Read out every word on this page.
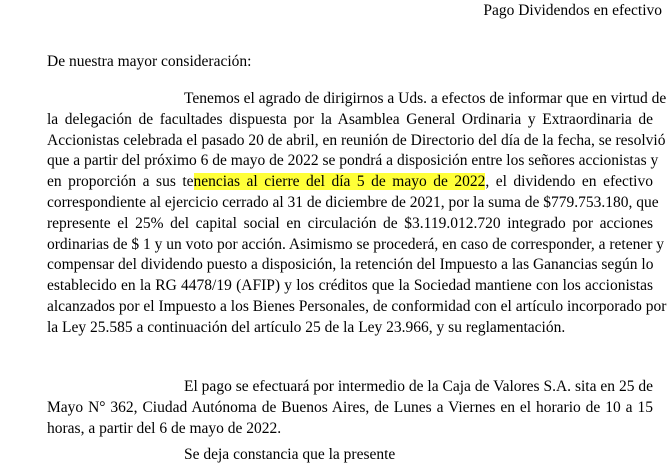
Pago Dividendos en efectivo
De nuestra mayor consideración:
Tenemos el agrado de dirigirnos a Uds. a efectos de informar que en virtud de
la delegación de facultades dispuesta por la Asamblea General Ordinaria y Extraordinaria de
Accionistas celebrada el pasado 20 de abril, en reunión de Directorio del día de la fecha, se resolvió
que a partir del próximo 6 de mayo de 2022 se pondrá a disposición entre los señores accionistas y
en proporción a sus tenencias al cierre del día 5 de mayo de 2022, el dividendo en efectivo
correspondiente al ejercicio cerrado al 31 de diciembre de 2021, por la suma de $779.753.180, que
represente el 25% del capital social en circulación de $3.119.012.720 integrado por acciones
ordinarias de $ 1 y un voto por acción. Asimismo se procederá, en caso de corresponder, a retener y
compensar del dividendo puesto a disposición, la retención del Impuesto a las Ganancias según lo
establecido en la RG 4478/19 (AFIP) y los créditos que la Sociedad mantiene con los accionistas
alcanzados por el Impuesto a los Bienes Personales, de conformidad con el artículo incorporado por
la Ley 25.585 a continuación del artículo 25 de la Ley 23.966, y su reglamentación.
El pago se efectuará por intermedio de la Caja de Valores S.A. sita en 25 de
Mayo N° 362, Ciudad Autónoma de Buenos Aires, de Lunes a Viernes en el horario de 10 a 15
horas, a partir del 6 de mayo de 2022.
Se deja constancia que la presente
